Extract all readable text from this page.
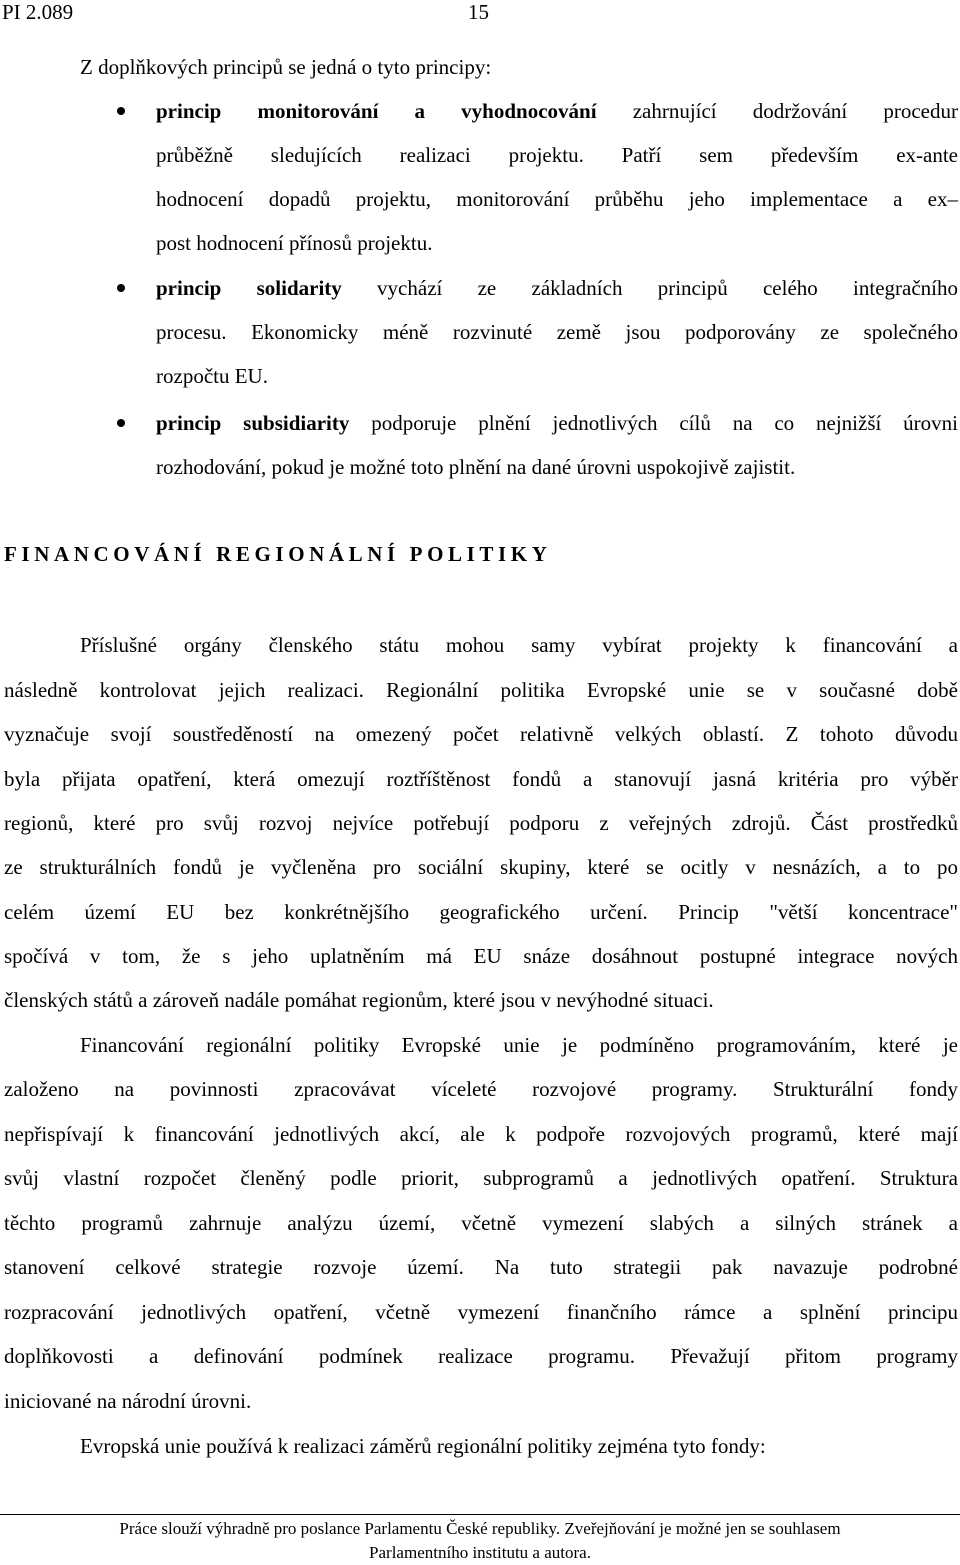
PI 2.089	15
Z doplňkových principů se jedná o tyto principy:
princip monitorování a vyhodnocování zahrnující dodržování procedur
průběžně sledujících realizaci projektu. Patří sem především ex-ante
hodnocení dopadů projektu, monitorování průběhu jeho implementace a ex–
post hodnocení přínosů projektu.
princip solidarity vychází ze základních principů celého integračního
procesu. Ekonomicky méně rozvinuté země jsou podporovány ze společného
rozpočtu EU.
princip subsidiarity podporuje plnění jednotlivých cílů na co nejnižší úrovni
rozhodování, pokud je možné toto plnění na dané úrovni uspokojivě zajistit.
FINANCOVÁNÍ REGIONÁLNÍ POLITIKY
Příslušné orgány členského státu mohou samy vybírat projekty k financování a
následně kontrolovat jejich realizaci. Regionální politika Evropské unie se v současné době
vyznačuje svojí soustředěností na omezený počet relativně velkých oblastí. Z tohoto důvodu
byla přijata opatření, která omezují roztříštěnost fondů a stanovují jasná kritéria pro výběr
regionů, které pro svůj rozvoj nejvíce potřebují podporu z veřejných zdrojů. Část prostředků
ze strukturálních fondů je vyčleněna pro sociální skupiny, které se ocitly v nesnázích, a to po
celém území EU bez konkrétnějšího geografického určení. Princip "větší koncentrace"
spočívá v tom, že s jeho uplatněním má EU snáze dosáhnout postupné integrace nových
členských států a zároveň nadále pomáhat regionům, které jsou v nevýhodné situaci.
Financování regionální politiky Evropské unie je podmíněno programováním, které je
založeno na povinnosti zpracovávat víceleté rozvojové programy. Strukturální fondy
nepřispívají k financování jednotlivých akcí, ale k podpoře rozvojových programů, které mají
svůj vlastní rozpočet členěný podle priorit, subprogramů a jednotlivých opatření. Struktura
těchto programů zahrnuje analýzu území, včetně vymezení slabých a silných stránek a
stanovení celkové strategie rozvoje území. Na tuto strategii pak navazuje podrobné
rozpracování jednotlivých opatření, včetně vymezení finančního rámce a splnění principu
doplňkovosti a definování podmínek realizace programu. Převažují přitom programy
iniciované na národní úrovni.
Evropská unie používá k realizaci záměrů regionální politiky zejména tyto fondy:
Práce slouží výhradně pro poslance Parlamentu České republiky. Zveřejňování je možné jen se souhlasem
Parlamentního institutu a autora.
